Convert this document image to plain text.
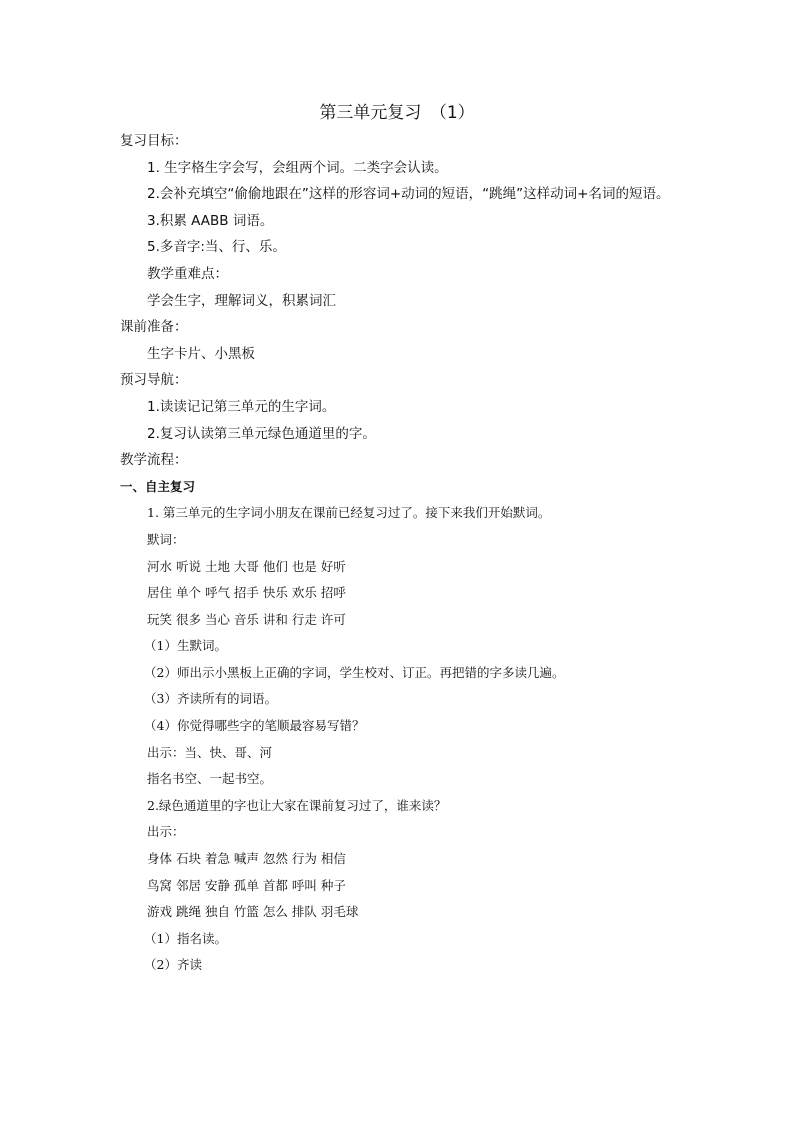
第三单元复习　（1）
复习目标：
1. 生字格生字会写，会组两个词。二类字会认读。
2.会补充填空“偷偷地跟在”这样的形容词+动词的短语，“跳绳”这样动词+名词的短语。
3.积累 AABB 词语。
5.多音字:当、行、乐。
教学重难点：
学会生字，理解词义，积累词汇
课前准备：
生字卡片、小黑板
预习导航：
1.读读记记第三单元的生字词。
2.复习认读第三单元绿色通道里的字。
教学流程：
一、自主复习
1. 第三单元的生字词小朋友在课前已经复习过了。接下来我们开始默词。
默词：
河水 听说 土地 大哥 他们 也是 好听
居住 单个 呼气 招手 快乐 欢乐 招呼
玩笑 很多 当心 音乐 讲和 行走 许可
（1）生默词。
（2）师出示小黑板上正确的字词，学生校对、订正。再把错的字多读几遍。
（3）齐读所有的词语。
（4）你觉得哪些字的笔顺最容易写错？
出示：当、快、哥、河
指名书空、一起书空。
2.绿色通道里的字也让大家在课前复习过了，谁来读？
出示：
身体 石块 着急 喊声 忽然 行为 相信
鸟窝 邻居 安静 孤单 首都 呼叫 种子
游戏 跳绳 独自 竹篮 怎么 排队 羽毛球
（1）指名读。
（2）齐读
